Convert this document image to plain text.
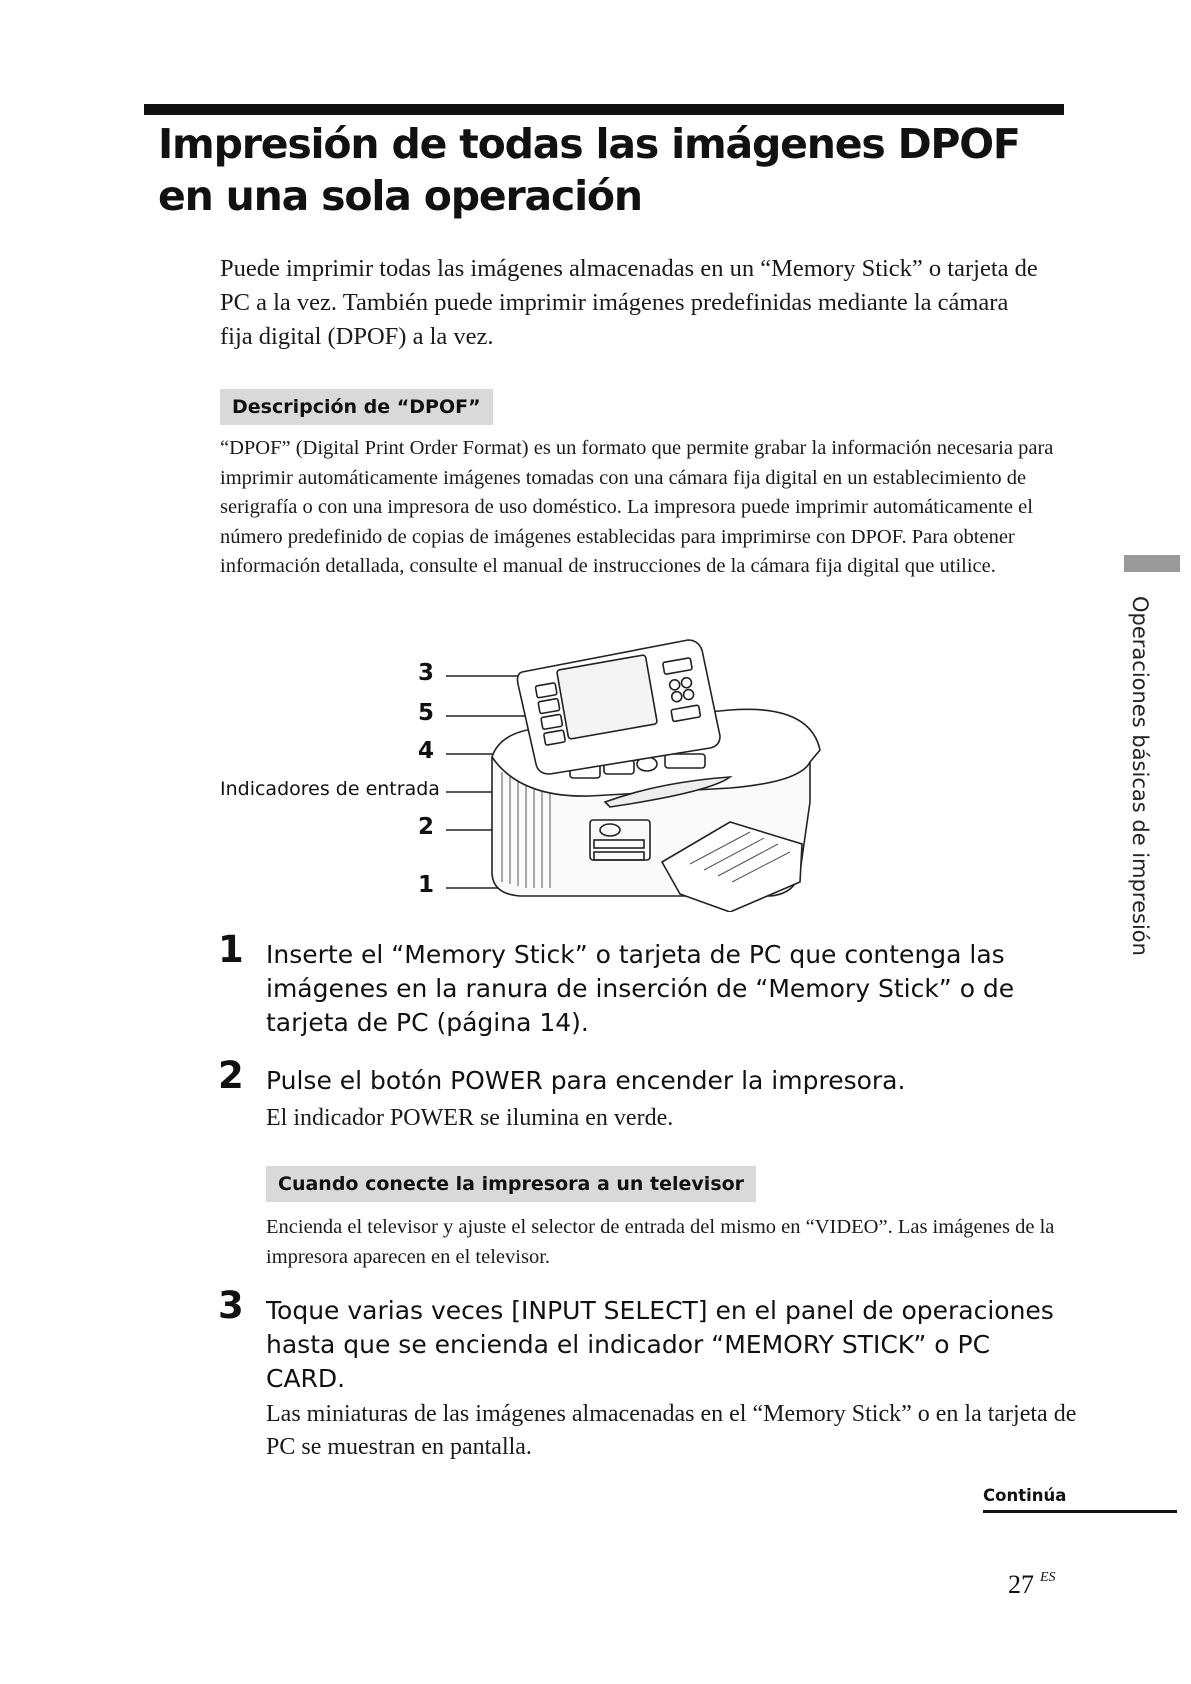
Impresión de todas las imágenes DPOF en una sola operación

Puede imprimir todas las imágenes almacenadas en un “Memory Stick” o tarjeta de PC a la vez. También puede imprimir imágenes predefinidas mediante la cámara fija digital (DPOF) a la vez.

Descripción de “DPOF”

“DPOF” (Digital Print Order Format) es un formato que permite grabar la información necesaria para imprimir automáticamente imágenes tomadas con una cámara fija digital en un establecimiento de serigrafía o con una impresora de uso doméstico. La impresora puede imprimir automáticamente el número predefinido de copias de imágenes establecidas para imprimirse con DPOF. Para obtener información detallada, consulte el manual de instrucciones de la cámara fija digital que utilice.

Operaciones básicas de impresión

3
5
4
Indicadores de entrada
2
1

1 Inserte el “Memory Stick” o tarjeta de PC que contenga las imágenes en la ranura de inserción de “Memory Stick” o de tarjeta de PC (página 14).

2 Pulse el botón POWER para encender la impresora.

El indicador POWER se ilumina en verde.

Cuando conecte la impresora a un televisor

Encienda el televisor y ajuste el selector de entrada del mismo en “VIDEO”. Las imágenes de la impresora aparecen en el televisor.

3 Toque varias veces [INPUT SELECT] en el panel de operaciones hasta que se encienda el indicador “MEMORY STICK” o PC CARD.

Las miniaturas de las imágenes almacenadas en el “Memory Stick” o en la tarjeta de PC se muestran en pantalla.

Continúa

27 $^{ES}$
